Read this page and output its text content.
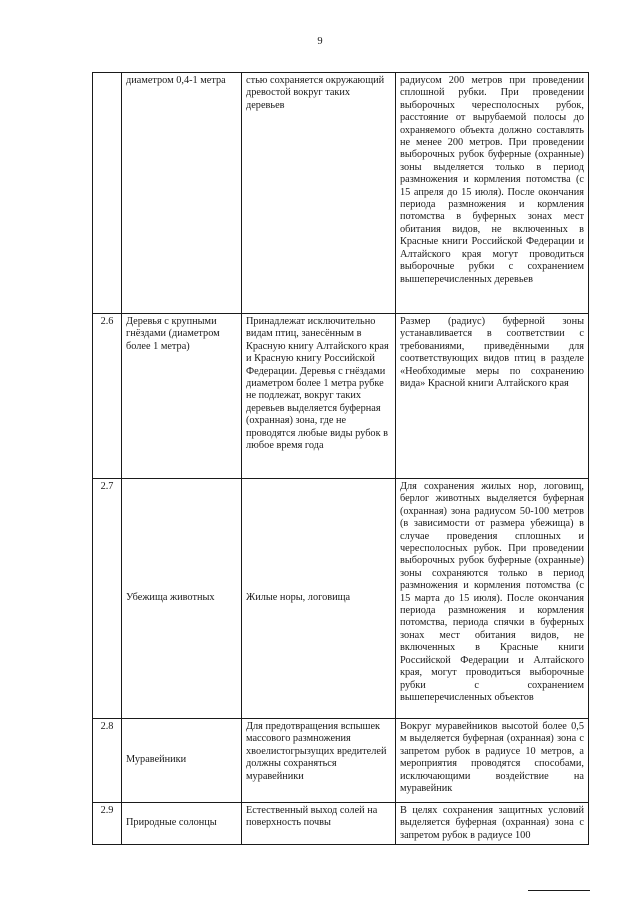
9
	диаметром 0,4-1 метра	стью сохраняется окружающий древостой вокруг таких деревьев	радиусом 200 метров при проведении сплошной рубки. При проведении выборочных чересполосных рубок, расстояние от вырубаемой полосы до охраняемого объекта должно составлять не менее 200 метров. При проведении выборочных рубок буферные (охранные) зоны выделяется только в период размножения и кормления потомства (с 15 апреля до 15 июля). После окончания периода размножения и кормления потомства в буферных зонах мест обитания видов, не включенных в Красные книги Российской Федерации и Алтайского края могут проводиться выборочные рубки с сохранением вышеперечисленных деревьев
2.6	Деревья с крупными гнёздами (диаметром более 1 метра)	Принадлежат исключительно видам птиц, занесённым в Красную книгу Алтайского края и Красную книгу Российской Федерации. Деревья с гнёздами диаметром более 1 метра рубке не подлежат, вокруг таких деревьев выделяется буферная (охранная) зона, где не проводятся любые виды рубок в любое время года	Размер (радиус) буферной зоны устанавливается в соответствии с требованиями, приведёнными для соответствующих видов птиц в разделе «Необходимые меры по сохранению вида» Красной книги Алтайского края
2.7	Убежища животных	Жилые норы, логовища	Для сохранения жилых нор, логовищ, берлог животных выделяется буферная (охранная) зона радиусом 50-100 метров (в зависимости от размера убежища) в случае проведения сплошных и чересполосных рубок. При проведении выборочных рубок буферные (охранные) зоны сохраняются только в период размножения и кормления потомства (с 15 марта до 15 июля). После окончания периода размножения и кормления потомства, периода спячки в буферных зонах мест обитания видов, не включенных в Красные книги Российской Федерации и Алтайского края, могут проводиться выборочные рубки с сохранением вышеперечисленных объектов
2.8	Муравейники	Для предотвращения вспышек массового размножения хвоелистогрызущих вредителей должны сохраняться муравейники	Вокруг муравейников высотой более 0,5 м выделяется буферная (охранная) зона с запретом рубок в радиусе 10 метров, а мероприятия проводятся способами, исключающими воздействие на муравейник
2.9	Природные солонцы	Естественный выход солей на поверхность почвы	В целях сохранения защитных условий выделяется буферная (охранная) зона с запретом рубок в радиусе 100
